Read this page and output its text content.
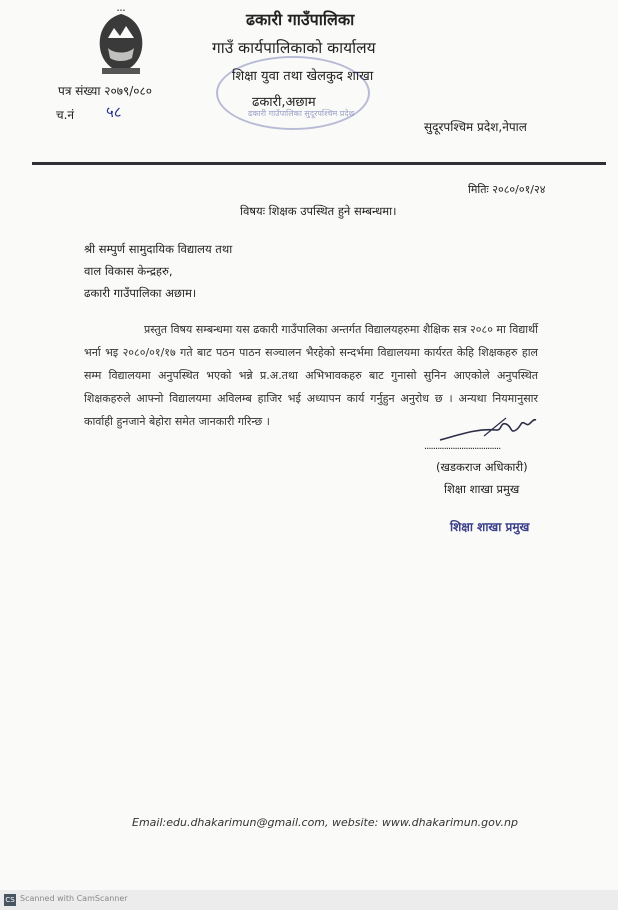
•••	ढकारी गाउँपालिका
गाउँ कार्यपालिकाको कार्यालय
शिक्षा युवा तथा खेलकुद शाखा
ढकारी,अछाम
ढकारी गाउँपालिका सुदूरपश्चिम प्रदेश
पत्र संख्या २०७९/०८०
च.नं ५८
सुदूरपश्चिम प्रदेश,नेपाल
मितिः २०८०/०१/२४
विषयः शिक्षक उपस्थित हुने सम्बन्धमा।
श्री सम्पुर्ण सामुदायिक विद्यालय तथा
वाल विकास केन्द्रहरु,
ढकारी गाउँपालिका अछाम।

प्रस्तुत विषय सम्बन्धमा यस ढकारी गाउँपालिका अन्तर्गत विद्यालयहरुमा शैक्षिक सत्र २०८० मा विद्यार्थी भर्ना भइ २०८०/०१/१७ गते बाट पठन पाठन सञ्चालन भैरहेको सन्दर्भमा विद्यालयमा कार्यरत केहि शिक्षकहरु हाल सम्म विद्यालयमा अनुपस्थित भएको भन्ने प्र.अ.तथा अभिभावकहरु बाट गुनासो सुनिन आएकोले अनुपस्थित शिक्षकहरुले आफ्नो विद्यालयमा अविलम्ब हाजिर भई अध्यापन कार्य गर्नुहुन अनुरोध छ । अन्यथा नियमानुसार कार्वाही हुनजाने बेहोरा समेत जानकारी गरिन्छ ।

...................................
(खडकराज अधिकारी)
शिक्षा शाखा प्रमुख
शिक्षा शाखा प्रमुख
Email:edu.dhakarimun@gmail.com, website: www.dhakarimun.gov.np
CS Scanned with CamScanner
